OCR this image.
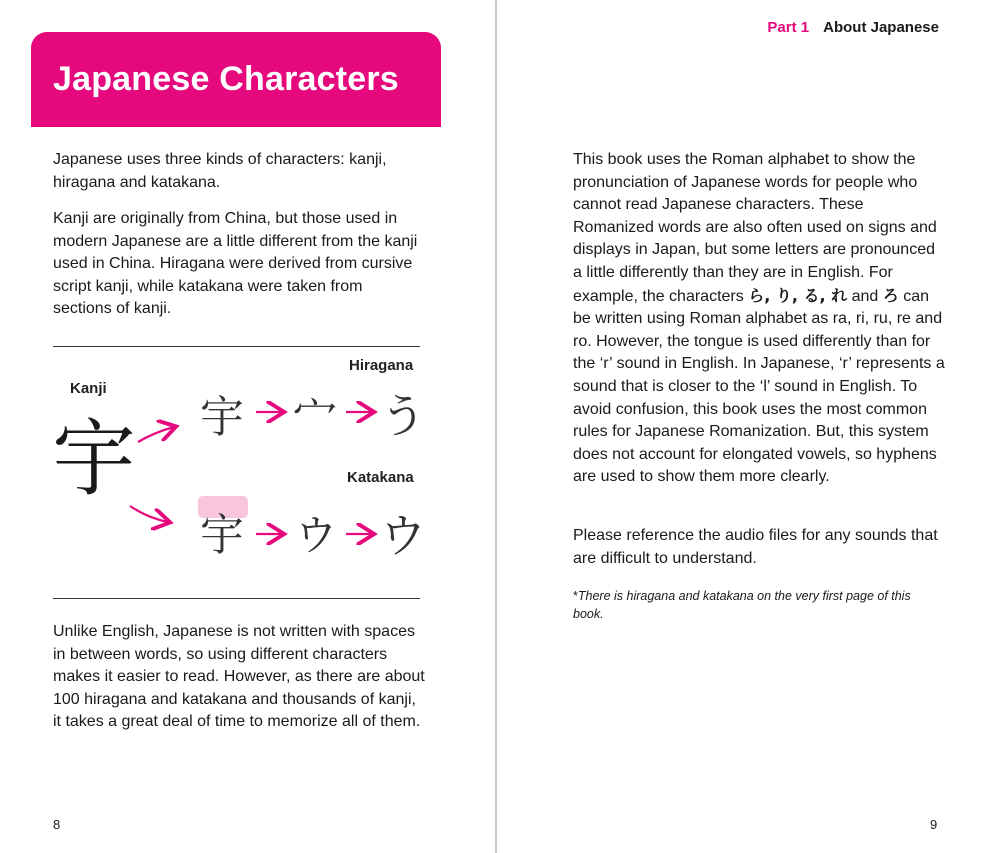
Japanese Characters

Japanese uses three kinds of characters: kanji, hiragana and katakana.

Kanji are originally from China, but those used in modern Japanese are a little different from the kanji used in China. Hiragana were derived from cursive script kanji, while katakana were taken from sections of kanji.

Kanji
Hiragana
Katakana
宇 宇 宀 う
宇 ウ ウ

Unlike English, Japanese is not written with spaces in between words, so using different characters makes it easier to read. However, as there are about 100 hiragana and katakana and thousands of kanji, it takes a great deal of time to memorize all of them.

8
Part 1 About Japanese

This book uses the Roman alphabet to show the pronunciation of Japanese words for people who cannot read Japanese characters. These Romanized words are also often used on signs and displays in Japan, but some letters are pronounced a little differently than they are in English. For example, the characters ら, り, る, れ and ろ can be written using Roman alphabet as ra, ri, ru, re and ro. However, the tongue is used differently than for the ‘r’ sound in English. In Japanese, ‘r’ represents a sound that is closer to the ‘l’ sound in English. To avoid confusion, this book uses the most common rules for Japanese Romanization. But, this system does not account for elongated vowels, so hyphens are used to show them more clearly.

Please reference the audio files for any sounds that are difficult to understand.

*There is hiragana and katakana on the very first page of this book.

9
